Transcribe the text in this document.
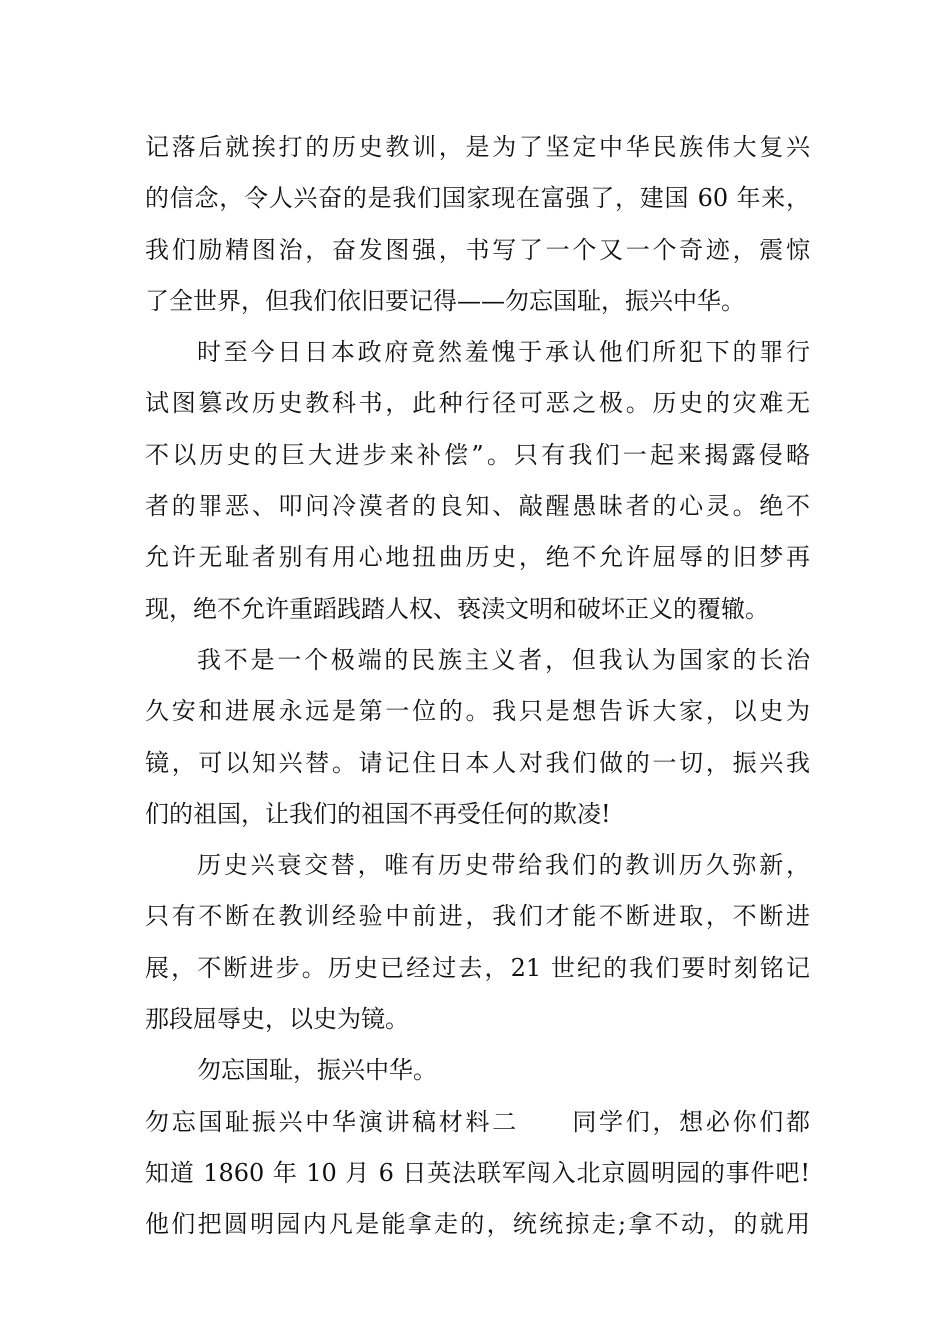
记落后就挨打的历史教训，是为了坚定中华民族伟大复兴
的信念，令人兴奋的是我们国家现在富强了，建国 60 年来，
我们励精图治，奋发图强，书写了一个又一个奇迹，震惊
了全世界，但我们依旧要记得——勿忘国耻，振兴中华。
时至今日日本政府竟然羞愧于承认他们所犯下的罪行
试图篡改历史教科书，此种行径可恶之极。历史的灾难无
不以历史的巨大进步来补偿”。只有我们一起来揭露侵略
者的罪恶、叩问冷漠者的良知、敲醒愚昧者的心灵。绝不
允许无耻者别有用心地扭曲历史，绝不允许屈辱的旧梦再
现，绝不允许重蹈践踏人权、亵渎文明和破坏正义的覆辙。
我不是一个极端的民族主义者，但我认为国家的长治
久安和进展永远是第一位的。我只是想告诉大家，以史为
镜，可以知兴替。请记住日本人对我们做的一切，振兴我
们的祖国，让我们的祖国不再受任何的欺凌!
历史兴衰交替，唯有历史带给我们的教训历久弥新，
只有不断在教训经验中前进，我们才能不断进取，不断进
展，不断进步。历史已经过去，21 世纪的我们要时刻铭记
那段屈辱史，以史为镜。
勿忘国耻，振兴中华。
勿忘国耻振兴中华演讲稿材料二　　同学们，想必你们都
知道 1860 年 10 月 6 日英法联军闯入北京圆明园的事件吧!
他们把圆明园内凡是能拿走的，统统掠走;拿不动，的就用
